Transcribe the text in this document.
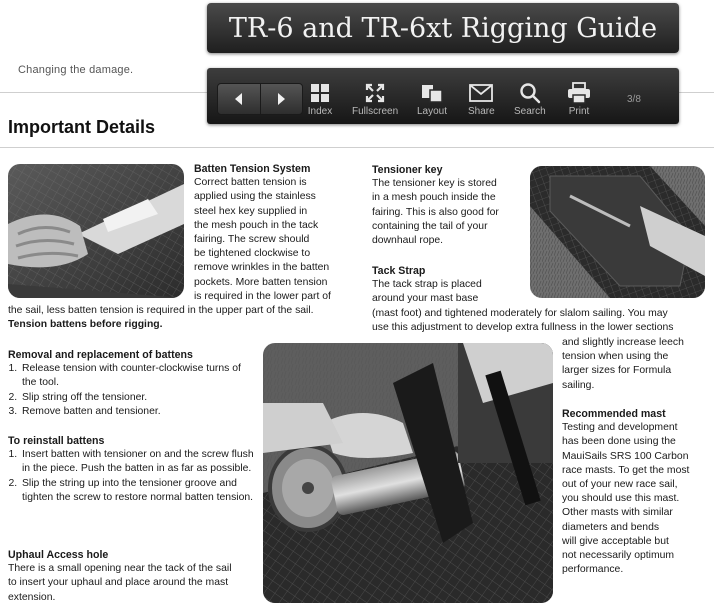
Changing the damage.
Important Details
TR-6 and TR-6xt Rigging Guide
Index Fullscreen Layout Share Search Print
3/8
Batten Tension System

Correct batten tension is

applied using the stainless

steel hex key supplied in

the mesh pouch in the tack

fairing. The screw should

be tightened clockwise to

remove wrinkles in the batten

pockets. More batten tension

is required in the lower part of

the sail, less batten tension is required in the upper part of the sail.

Tension battens before rigging.

Removal and replacement of battens
1. Release tension with counter-clockwise turns of the tool.
2. Slip string off the tensioner.
3. Remove batten and tensioner.
To reinstall battens
1. Insert batten with tensioner on and the screw flush in the piece. Push the batten in as far as possible.
2. Slip the string up into the tensioner groove and tighten the screw to restore normal batten tension.
Uphaul Access hole

There is a small opening near the tack of the sail

to insert your uphaul and place around the mast

extension.

Tensioner key

The tensioner key is stored

in a mesh pouch inside the

fairing. This is also good for

containing the tail of your

downhaul rope.

Tack Strap

The tack strap is placed

around your mast base

(mast foot) and tightened moderately for slalom sailing. You may

use this adjustment to develop extra fullness in the lower sections

and slightly increase leech

tension when using the

larger sizes for Formula

sailing.

Recommended mast

Testing and development

has been done using the

MauiSails SRS 100 Carbon

race masts. To get the most

out of your new race sail,

you should use this mast.

Other masts with similar

diameters and bends

will give acceptable but

not necessarily optimum

performance.
